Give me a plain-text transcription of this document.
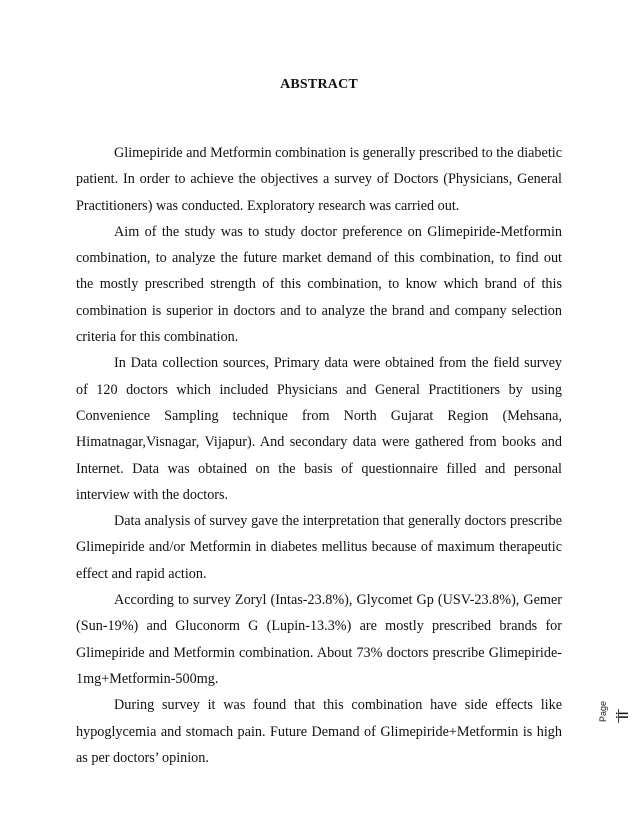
ABSTRACT

Glimepiride and Metformin combination is generally prescribed to the diabetic patient. In order to achieve the objectives a survey of Doctors (Physicians, General Practitioners) was conducted. Exploratory research was carried out.

Aim of the study was to study doctor preference on Glimepiride-Metformin combination, to analyze the future market demand of this combination, to find out the mostly prescribed strength of this combination, to know which brand of this combination is superior in doctors and to analyze the brand and company selection criteria for this combination.

In Data collection sources, Primary data were obtained from the field survey of 120 doctors which included Physicians and General Practitioners by using Convenience Sampling technique from North Gujarat Region (Mehsana, Himatnagar,Visnagar, Vijapur). And secondary data were gathered from books and Internet. Data was obtained on the basis of questionnaire filled and personal interview with the doctors.

Data analysis of survey gave the interpretation that generally doctors prescribe Glimepiride and/or Metformin in diabetes mellitus because of maximum therapeutic effect and rapid action.

According to survey Zoryl (Intas-23.8%), Glycomet Gp (USV-23.8%), Gemer (Sun-19%) and Gluconorm G (Lupin-13.3%) are mostly prescribed brands for Glimepiride and Metformin combination. About 73% doctors prescribe Glimepiride-1mg+Metformin-500mg.

During survey it was found that this combination have side effects like hypoglycemia and stomach pain. Future Demand of Glimepiride+Metformin is high as per doctors’ opinion.

Page ii
